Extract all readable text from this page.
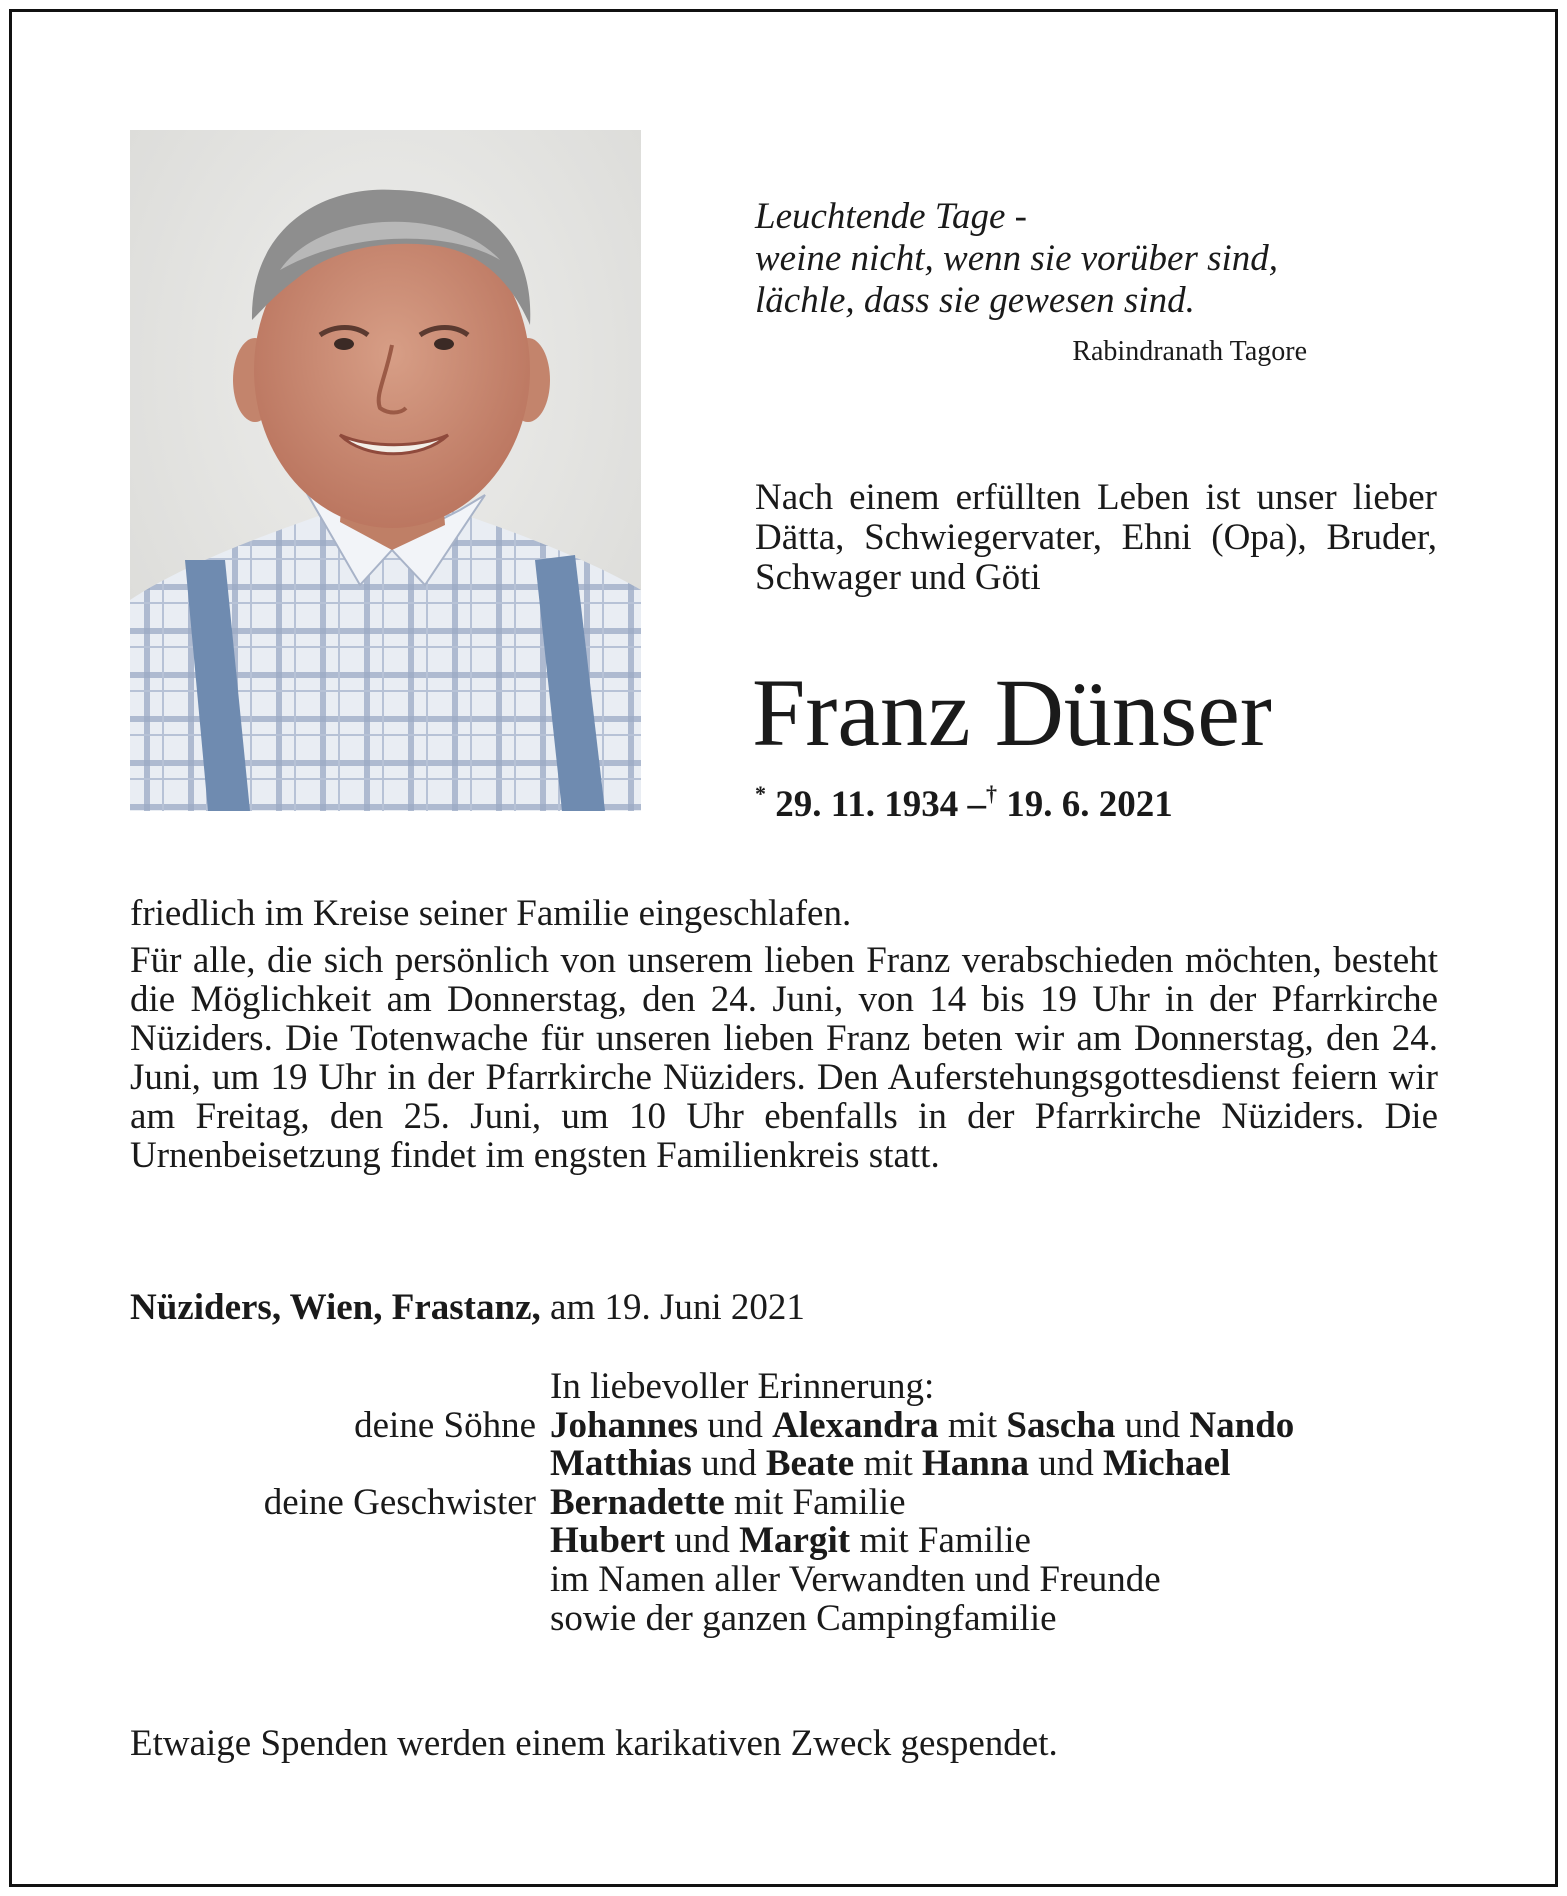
Leuchtende Tage -
weine nicht, wenn sie vorüber sind,
lächle, dass sie gewesen sind.
Rabindranath Tagore
Nach einem erfüllten Leben ist unser lieber Dätta, Schwiegervater, Ehni (Opa), Bruder, Schwager und Göti
Franz Dünser
* 29. 11. 1934 –† 19. 6. 2021

friedlich im Kreise seiner Familie eingeschlafen.

Für alle, die sich persönlich von unserem lieben Franz verabschieden möchten, besteht die Möglichkeit am Donnerstag, den 24. Juni, von 14 bis 19 Uhr in der Pfarrkirche Nüziders. Die Totenwache für unseren lieben Franz beten wir am Donnerstag, den 24. Juni, um 19 Uhr in der Pfarrkirche Nüziders. Den Auferstehungsgottesdienst feiern wir am Freitag, den 25. Juni, um 10 Uhr ebenfalls in der Pfarrkirche Nüziders. Die Urnenbeisetzung findet im engsten Familienkreis statt.

Nüziders, Wien, Frastanz, am 19. Juni 2021
In liebevoller Erinnerung:
deine Söhne Johannes und Alexandra mit Sascha und Nando
Matthias und Beate mit Hanna und Michael
deine Geschwister Bernadette mit Familie
Hubert und Margit mit Familie
im Namen aller Verwandten und Freunde
sowie der ganzen Campingfamilie
Etwaige Spenden werden einem karikativen Zweck gespendet.
